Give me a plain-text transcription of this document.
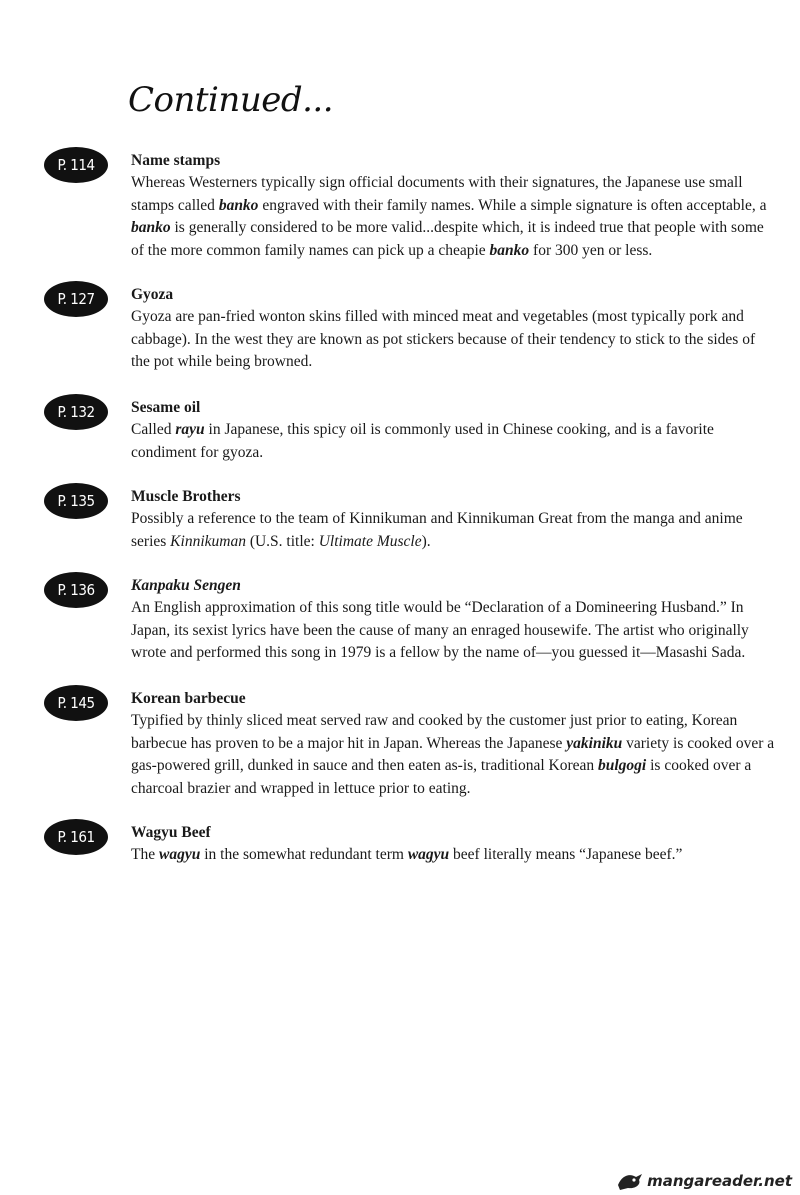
Continued...
P. 114	Name stamps
Whereas Westerners typically sign official documents with their signatures, the Japanese use small stamps called banko engraved with their family names. While a simple signature is often acceptable, a banko is generally considered to be more valid...despite which, it is indeed true that people with some of the more common family names can pick up a cheapie banko for 300 yen or less.
P. 127	Gyoza
Gyoza are pan-fried wonton skins filled with minced meat and vegetables (most typically pork and cabbage). In the west they are known as pot stickers because of their tendency to stick to the sides of the pot while being browned.
P. 132	Sesame oil
Called rayu in Japanese, this spicy oil is commonly used in Chinese cooking, and is a favorite condiment for gyoza.
P. 135	Muscle Brothers
Possibly a reference to the team of Kinnikuman and Kinnikuman Great from the manga and anime series Kinnikuman (U.S. title: Ultimate Muscle).
P. 136	Kanpaku Sengen
An English approximation of this song title would be “Declaration of a Domineering Husband.” In Japan, its sexist lyrics have been the cause of many an enraged housewife. The artist who originally wrote and performed this song in 1979 is a fellow by the name of—you guessed it—Masashi Sada.
P. 145	Korean barbecue
Typified by thinly sliced meat served raw and cooked by the customer just prior to eating, Korean barbecue has proven to be a major hit in Japan. Whereas the Japanese yakiniku variety is cooked over a gas-powered grill, dunked in sauce and then eaten as-is, traditional Korean bulgogi is cooked over a charcoal brazier and wrapped in lettuce prior to eating.
P. 161	Wagyu Beef
The wagyu in the somewhat redundant term wagyu beef literally means “Japanese beef.”
mangareader.net
